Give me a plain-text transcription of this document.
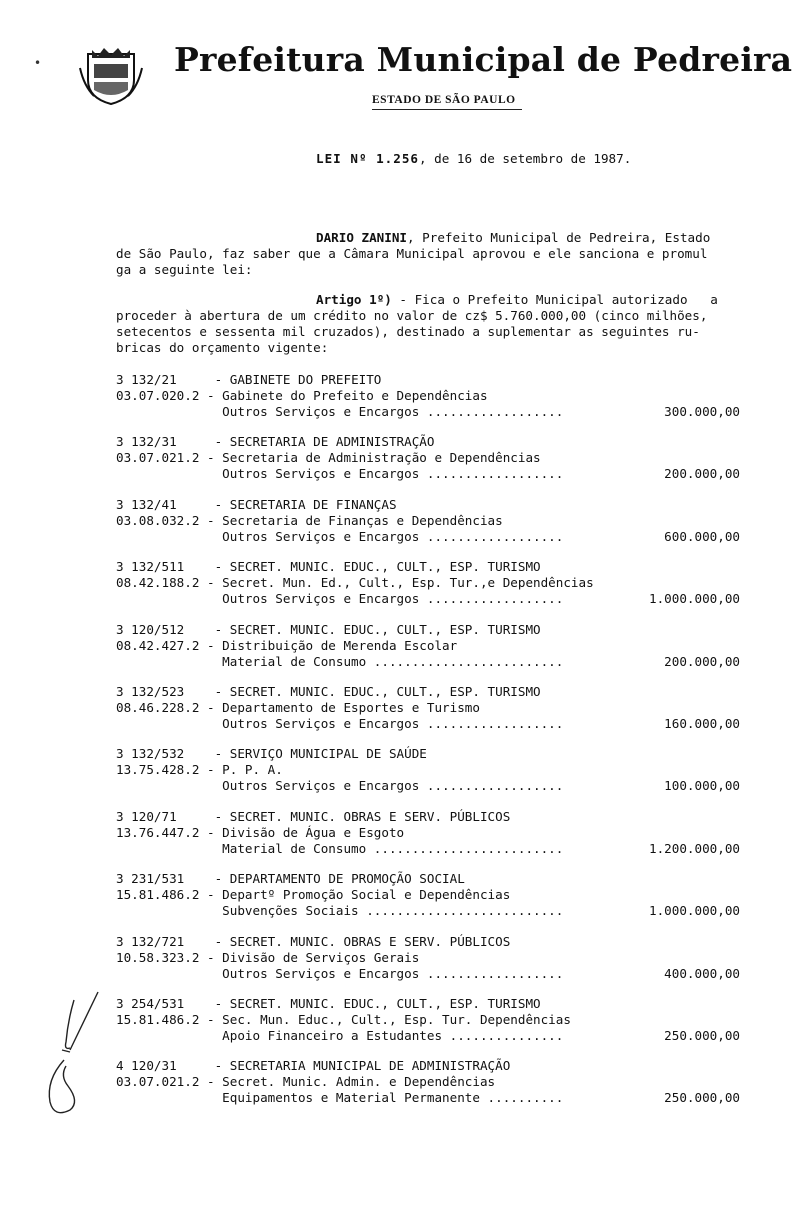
•	Prefeitura Municipal de Pedreira
ESTADO DE SÃO PAULO
LEI Nº 1.256, de 16 de setembro de 1987.
DARIO ZANINI, Prefeito Municipal de Pedreira, Estado
de São Paulo, faz saber que a Câmara Municipal aprovou e ele sanciona e promul
ga a seguinte lei:
Artigo 1º) - Fica o Prefeito Municipal autorizado   a
proceder à abertura de um crédito no valor de cz$ 5.760.000,00 (cinco milhões,
setecentos e sessenta mil cruzados), destinado a suplementar as seguintes ru-
bricas do orçamento vigente:
3 132/21     - GABINETE DO PREFEITO
03.07.020.2 - Gabinete do Prefeito e Dependências
Outros Serviços e Encargos ..................	300.000,00
3 132/31     - SECRETARIA DE ADMINISTRAÇÃO
03.07.021.2 - Secretaria de Administração e Dependências
Outros Serviços e Encargos ..................	200.000,00
3 132/41     - SECRETARIA DE FINANÇAS
03.08.032.2 - Secretaria de Finanças e Dependências
Outros Serviços e Encargos ..................	600.000,00
3 132/511    - SECRET. MUNIC. EDUC., CULT., ESP. TURISMO
08.42.188.2 - Secret. Mun. Ed., Cult., Esp. Tur.,e Dependências
Outros Serviços e Encargos ..................	1.000.000,00
3 120/512    - SECRET. MUNIC. EDUC., CULT., ESP. TURISMO
08.42.427.2 - Distribuição de Merenda Escolar
Material de Consumo .........................	200.000,00
3 132/523    - SECRET. MUNIC. EDUC., CULT., ESP. TURISMO
08.46.228.2 - Departamento de Esportes e Turismo
Outros Serviços e Encargos ..................	160.000,00
3 132/532    - SERVIÇO MUNICIPAL DE SAÚDE
13.75.428.2 - P. P. A.
Outros Serviços e Encargos ..................	100.000,00
3 120/71     - SECRET. MUNIC. OBRAS E SERV. PÚBLICOS
13.76.447.2 - Divisão de Água e Esgoto
Material de Consumo .........................	1.200.000,00
3 231/531    - DEPARTAMENTO DE PROMOÇÃO SOCIAL
15.81.486.2 - Departº Promoção Social e Dependências
Subvenções Sociais ..........................	1.000.000,00
3 132/721    - SECRET. MUNIC. OBRAS E SERV. PÚBLICOS
10.58.323.2 - Divisão de Serviços Gerais
Outros Serviços e Encargos ..................	400.000,00
3 254/531    - SECRET. MUNIC. EDUC., CULT., ESP. TURISMO
15.81.486.2 - Sec. Mun. Educ., Cult., Esp. Tur. Dependências
Apoio Financeiro a Estudantes ...............	250.000,00
4 120/31     - SECRETARIA MUNICIPAL DE ADMINISTRAÇÃO
03.07.021.2 - Secret. Munic. Admin. e Dependências
Equipamentos e Material Permanente ..........	250.000,00
